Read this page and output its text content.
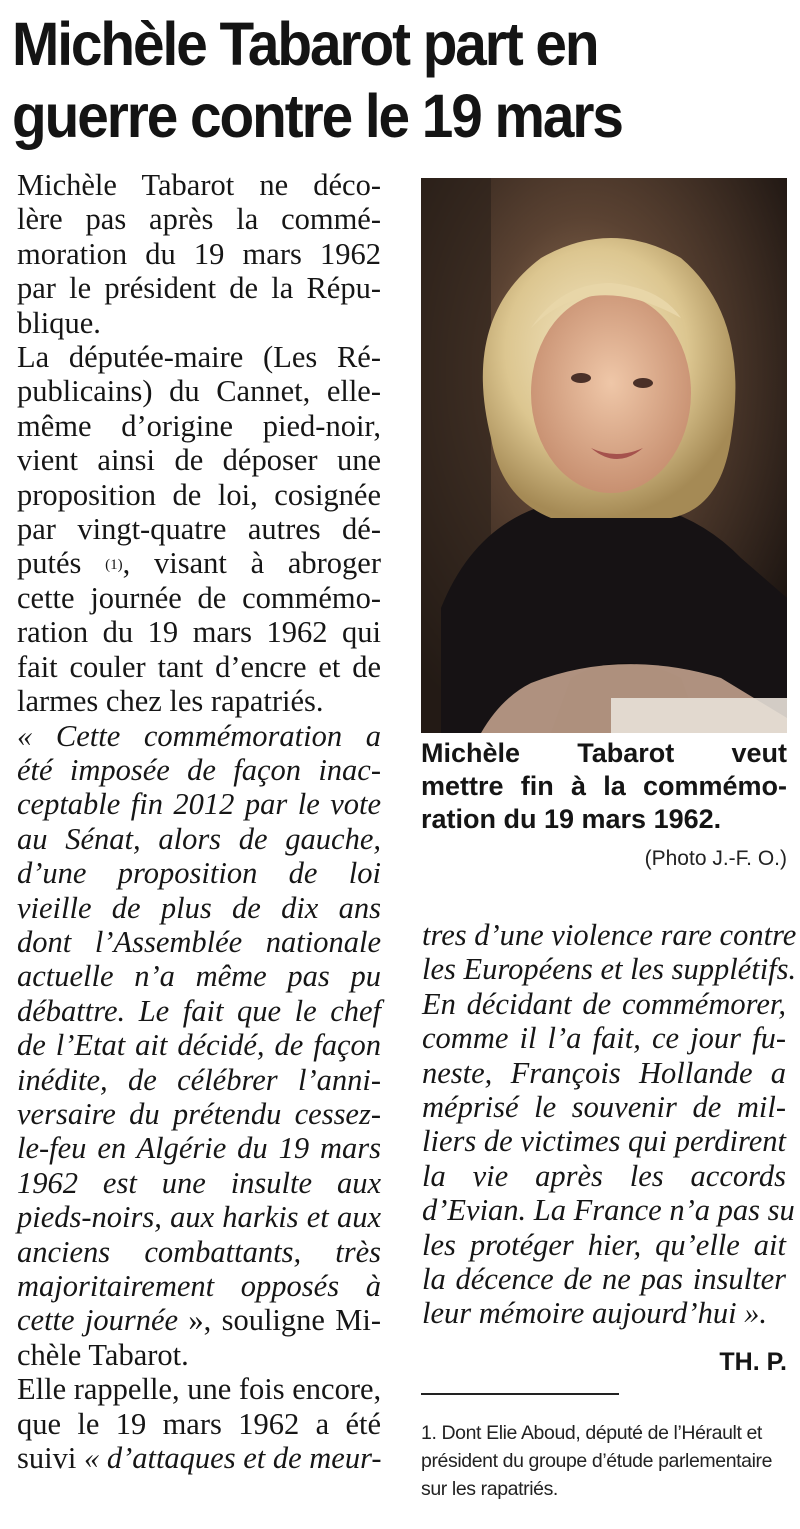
Michèle Tabarot part en
guerre contre le 19 mars
Michèle Tabarot ne déco-
lère pas après la commé-
moration du 19 mars 1962
par le président de la Répu-
blique.
La députée-maire (Les Ré-
publicains) du Cannet, elle-
même d’origine pied-noir,
vient ainsi de déposer une
proposition de loi, cosignée
par vingt-quatre autres dé-
putés $^{(1)}$, visant à abroger
cette journée de commémo-
ration du 19 mars 1962 qui
fait couler tant d’encre et de
larmes chez les rapatriés.
« Cette commémoration a
été imposée de façon inac-
ceptable fin 2012 par le vote
au Sénat, alors de gauche,
d’une proposition de loi
vieille de plus de dix ans
dont l’Assemblée nationale
actuelle n’a même pas pu
débattre. Le fait que le chef
de l’Etat ait décidé, de façon
inédite, de célébrer l’anni-
versaire du prétendu cessez-
le-feu en Algérie du 19 mars
1962 est une insulte aux
pieds-noirs, aux harkis et aux
anciens combattants, très
majoritairement opposés à
cette journée », souligne Mi-
chèle Tabarot.
Elle rappelle, une fois encore,
que le 19 mars 1962 a été
suivi « d’attaques et de meur-
Michèle Tabarot veut
mettre fin à la commémo-
ration du 19 mars 1962.
(Photo J.-F. O.)
tres d’une violence rare contre
les Européens et les supplétifs.
En décidant de commémorer,
comme il l’a fait, ce jour fu-
neste, François Hollande a
méprisé le souvenir de mil-
liers de victimes qui perdirent
la vie après les accords
d’Evian. La France n’a pas su
les protéger hier, qu’elle ait
la décence de ne pas insulter
leur mémoire aujourd’hui ».
TH. P.
1. Dont Elie Aboud, député de l’Hérault et
président du groupe d’étude parlementaire
sur les rapatriés.
